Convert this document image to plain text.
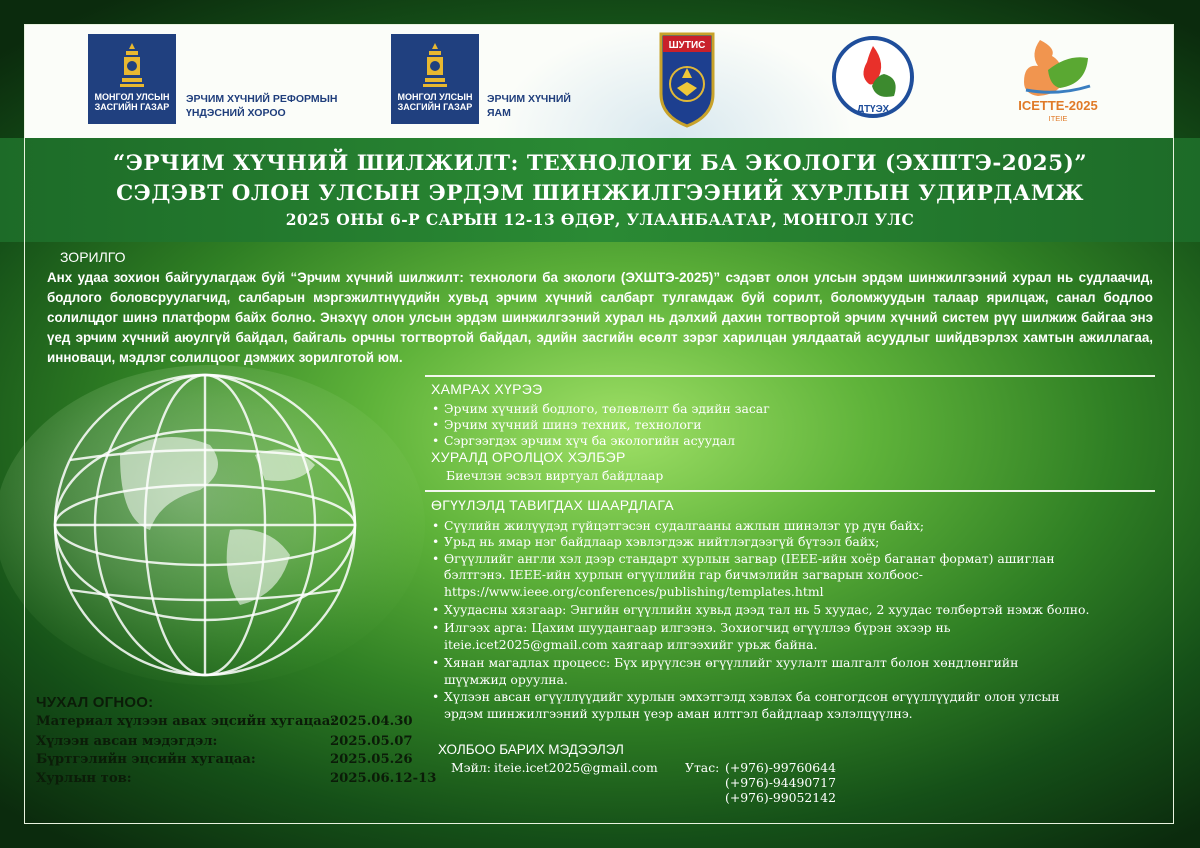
МОНГОЛ УЛСЫН
ЗАСГИЙН ГАЗАР
ЭРЧИМ ХҮЧНИЙ РЕФОРМЫН
ҮНДЭСНИЙ ХОРОО
МОНГОЛ УЛСЫН
ЗАСГИЙН ГАЗАР
ЭРЧИМ ХҮЧНИЙ
ЯАМ
ШУТИС
ДТҮЭХ	ICETTE-2025
ITEIE
“ЭРЧИМ ХҮЧНИЙ ШИЛЖИЛТ: ТЕХНОЛОГИ БА ЭКОЛОГИ (ЭХШТЭ-2025)”
СЭДЭВТ ОЛОН УЛСЫН ЭРДЭМ ШИНЖИЛГЭЭНИЙ ХУРЛЫН УДИРДАМЖ
2025 ОНЫ 6-Р САРЫН 12-13 ӨДӨР, УЛААНБААТАР, МОНГОЛ УЛС
ЗОРИЛГО
Анх удаа зохион байгуулагдаж буй “Эрчим хүчний шилжилт: технологи ба экологи (ЭХШТЭ-2025)” сэдэвт олон улсын эрдэм шинжилгээний хурал нь судлаачид, бодлого боловсруулагчид, салбарын мэргэжилтнүүдийн хувьд эрчим хүчний салбарт тулгамдаж буй сорилт, боломжуудын талаар ярилцаж, санал бодлоо солилцдог шинэ платформ байх болно. Энэхүү олон улсын эрдэм шинжилгээний хурал нь дэлхий дахин тогтвортой эрчим хүчний систем рүү шилжиж байгаа энэ үед эрчим хүчний аюулгүй байдал, байгаль орчны тогтвортой байдал, эдийн засгийн өсөлт зэрэг харилцан уялдаатай асуудлыг шийдвэрлэх хамтын ажиллагаа, инноваци, мэдлэг солилцоог дэмжих зорилготой юм.
ХАМРАХ ХҮРЭЭ
• Эрчим хүчний бодлого, төлөвлөлт ба эдийн засаг
• Эрчим хүчний шинэ техник, технологи
• Сэргээгдэх эрчим хүч ба экологийн асуудал
ХУРАЛД ОРОЛЦОХ ХЭЛБЭР
Биечлэн эсвэл виртуал байдлаар
ӨГҮҮЛЭЛД ТАВИГДАХ ШААРДЛАГА
• Сүүлийн жилүүдэд гүйцэтгэсэн судалгааны ажлын шинэлэг үр дүн байх;
• Урьд нь ямар нэг байдлаар хэвлэгдэж нийтлэгдээгүй бүтээл байх;
• Өгүүллийг англи хэл дээр стандарт хурлын загвар (IEEE-ийн хоёр баганат формат) ашиглан
бэлтгэнэ. IEEE-ийн хурлын өгүүллийн гар бичмэлийн загварын холбоос-
https://www.ieee.org/conferences/publishing/templates.html
• Хуудасны хязгаар: Энгийн өгүүллийн хувьд дээд тал нь 5 хуудас, 2 хуудас төлбөртэй нэмж болно.
• Илгээх арга: Цахим шуудангаар илгээнэ. Зохиогчид өгүүллээ бүрэн эхээр нь
iteie.icet2025@gmail.com хаягаар илгээхийг урьж байна.
• Хянан магадлах процесс: Бүх ирүүлсэн өгүүллийг хуулалт шалгалт болон хөндлөнгийн
шүүмжид оруулна.
• Хүлээн авсан өгүүллүүдийг хурлын эмхэтгэлд хэвлэх ба сонгогдсон өгүүллүүдийг олон улсын
эрдэм шинжилгээний хурлын үеэр аман илтгэл байдлаар хэлэлцүүлнэ.
ЧУХАЛ ОГНОО:
Материал хүлээн авах эцсийн хугацаа:
2025.04.30
Хүлээн авсан мэдэгдэл:	2025.05.07
Бүртгэлийн эцсийн хугацаа:	2025.05.26
Хурлын тов:	2025.06.12-13
ХОЛБОО БАРИХ МЭДЭЭЛЭЛ
Мэйл: iteie.icet2025@gmail.com Утас: (+976)-99760644
(+976)-94490717
(+976)-99052142
